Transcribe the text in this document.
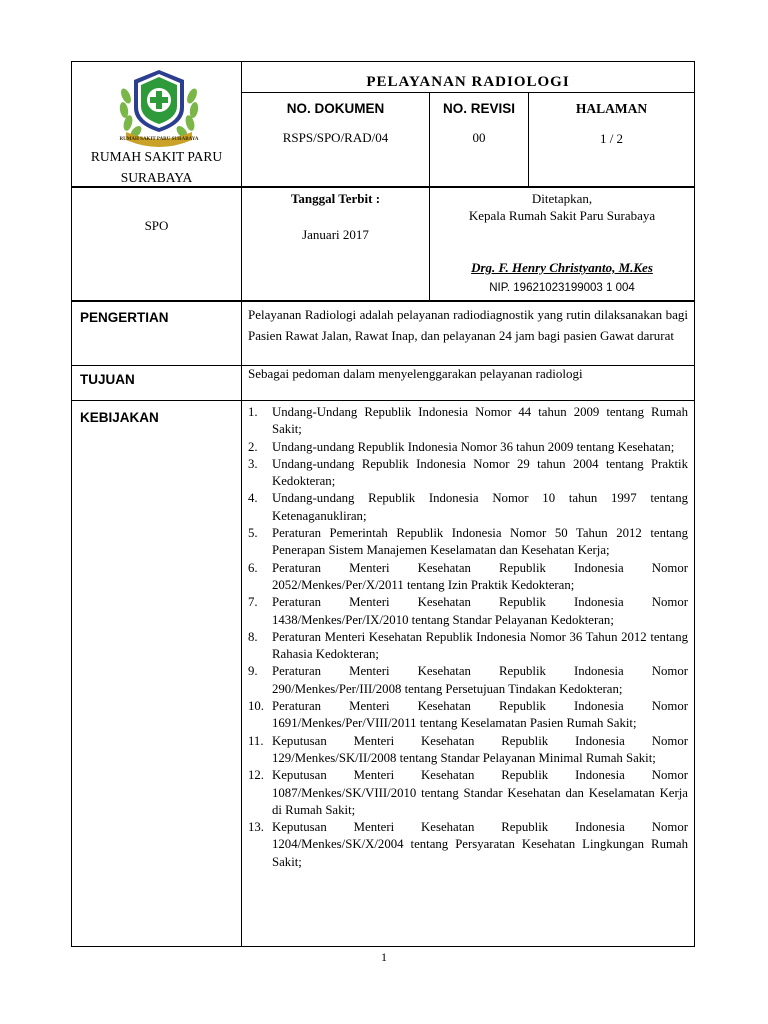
RUMAH SAKIT PARU SURABAYA
RUMAH SAKIT PARU
SURABAYA
PELAYANAN RADIOLOGI
NO. DOKUMEN
RSPS/SPO/RAD/04
NO. REVISI
00
HALAMAN
1 / 2
SPO
Tanggal Terbit :
Januari 2017
Ditetapkan,
Kepala Rumah Sakit Paru Surabaya
Drg. F. Henry Christyanto, M.Kes
NIP. 19621023199003 1 004
PENGERTIAN	Pelayanan Radiologi adalah pelayanan radiodiagnostik yang rutin dilaksanakan bagi Pasien Rawat Jalan, Rawat Inap, dan pelayanan 24 jam bagi pasien Gawat darurat
TUJUAN	Sebagai pedoman dalam menyelenggarakan pelayanan radiologi
KEBIJAKAN	1. Undang-Undang Republik Indonesia Nomor 44 tahun 2009 tentang Rumah Sakit;
2. Undang-undang Republik Indonesia Nomor 36 tahun 2009 tentang Kesehatan;
3. Undang-undang Republik Indonesia Nomor 29 tahun 2004 tentang Praktik Kedokteran;
4. Undang-undang Republik Indonesia Nomor 10 tahun 1997 tentang Ketenaganukliran;
5. Peraturan Pemerintah Republik Indonesia Nomor 50 Tahun 2012 tentang Penerapan Sistem Manajemen Keselamatan dan Kesehatan Kerja;
6. Peraturan Menteri Kesehatan Republik Indonesia Nomor 2052/Menkes/Per/X/2011 tentang Izin Praktik Kedokteran;
7. Peraturan Menteri Kesehatan Republik Indonesia Nomor 1438/Menkes/Per/IX/2010 tentang Standar Pelayanan Kedokteran;
8. Peraturan Menteri Kesehatan Republik Indonesia Nomor 36 Tahun 2012 tentang Rahasia Kedokteran;
9. Peraturan Menteri Kesehatan Republik Indonesia Nomor 290/Menkes/Per/III/2008 tentang Persetujuan Tindakan Kedokteran;
10. Peraturan Menteri Kesehatan Republik Indonesia Nomor 1691/Menkes/Per/VIII/2011 tentang Keselamatan Pasien Rumah Sakit;
11. Keputusan Menteri Kesehatan Republik Indonesia Nomor 129/Menkes/SK/II/2008 tentang Standar Pelayanan Minimal Rumah Sakit;
12. Keputusan Menteri Kesehatan Republik Indonesia Nomor 1087/Menkes/SK/VIII/2010 tentang Standar Kesehatan dan Keselamatan Kerja di Rumah Sakit;
13. Keputusan Menteri Kesehatan Republik Indonesia Nomor 1204/Menkes/SK/X/2004 tentang Persyaratan Kesehatan Lingkungan Rumah Sakit;
1
